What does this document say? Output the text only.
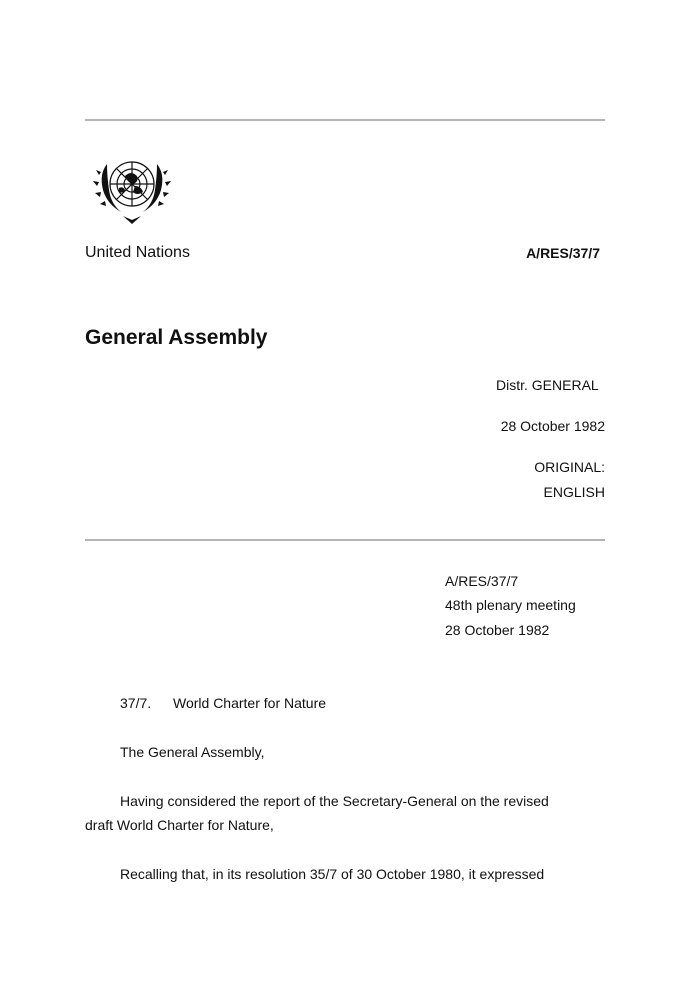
United Nations	A/RES/37/7
General Assembly
Distr. GENERAL
28 October 1982
ORIGINAL:
ENGLISH
A/RES/37/7
48th plenary meeting
28 October 1982
37/7. World Charter for Nature
The General Assembly,
Having considered the report of the Secretary-General on the revised
draft World Charter for Nature,
Recalling that, in its resolution 35/7 of 30 October 1980, it expressed
